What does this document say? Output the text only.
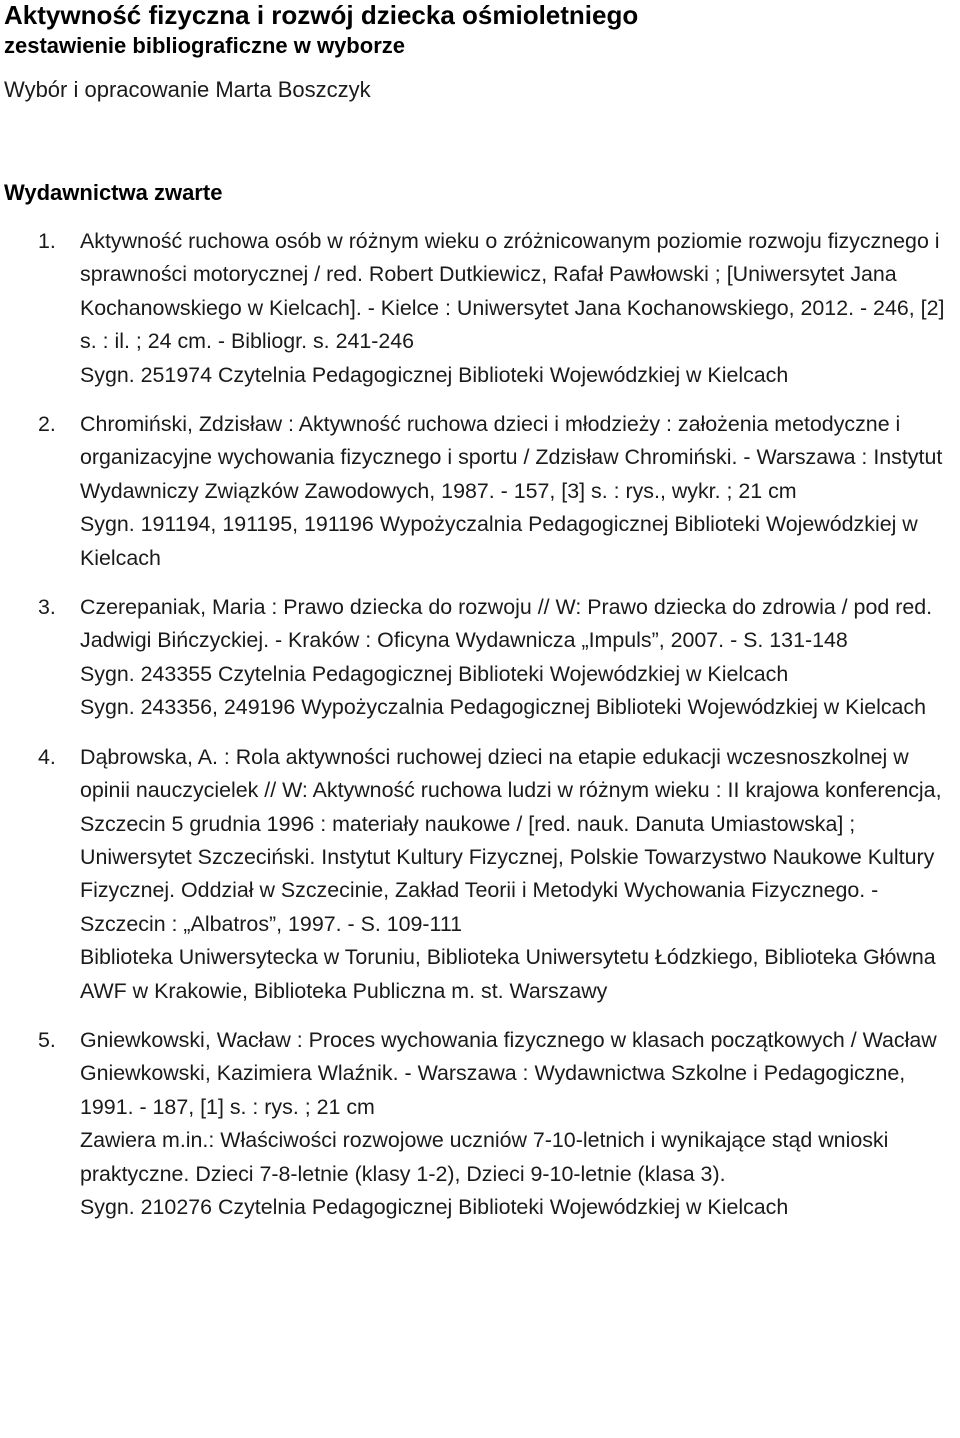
Aktywność fizyczna i rozwój dziecka ośmioletniego
zestawienie bibliograficzne w wyborze
Wybór i opracowanie Marta Boszczyk
Wydawnictwa zwarte
1.	Aktywność ruchowa osób w różnym wieku o zróżnicowanym poziomie rozwoju fizycznego i sprawności motorycznej / red. Robert Dutkiewicz, Rafał Pawłowski ; [Uniwersytet Jana Kochanowskiego w Kielcach]. - Kielce : Uniwersytet Jana Kochanowskiego, 2012. - 246, [2] s. : il. ; 24 cm. - Bibliogr. s. 241-246
Sygn. 251974 Czytelnia Pedagogicznej Biblioteki Wojewódzkiej w Kielcach
2.	Chromiński, Zdzisław : Aktywność ruchowa dzieci i młodzieży : założenia metodyczne i organizacyjne wychowania fizycznego i sportu / Zdzisław Chromiński. - Warszawa : Instytut Wydawniczy Związków Zawodowych, 1987. - 157, [3] s. : rys., wykr. ; 21 cm
Sygn. 191194, 191195, 191196 Wypożyczalnia Pedagogicznej Biblioteki Wojewódzkiej w Kielcach
3.	Czerepaniak, Maria : Prawo dziecka do rozwoju // W: Prawo dziecka do zdrowia / pod red. Jadwigi Bińczyckiej. - Kraków : Oficyna Wydawnicza „Impuls”, 2007. - S. 131-148
Sygn. 243355 Czytelnia Pedagogicznej Biblioteki Wojewódzkiej w Kielcach
Sygn. 243356, 249196 Wypożyczalnia Pedagogicznej Biblioteki Wojewódzkiej w Kielcach
4.	Dąbrowska, A. : Rola aktywności ruchowej dzieci na etapie edukacji wczesnoszkolnej w opinii nauczycielek // W: Aktywność ruchowa ludzi w różnym wieku : II krajowa konferencja, Szczecin 5 grudnia 1996 : materiały naukowe / [red. nauk. Danuta Umiastowska] ; Uniwersytet Szczeciński. Instytut Kultury Fizycznej, Polskie Towarzystwo Naukowe Kultury Fizycznej. Oddział w Szczecinie, Zakład Teorii i Metodyki Wychowania Fizycznego. - Szczecin : „Albatros”, 1997. - S. 109-111
Biblioteka Uniwersytecka w Toruniu, Biblioteka Uniwersytetu Łódzkiego, Biblioteka Główna AWF w Krakowie, Biblioteka Publiczna m. st. Warszawy
5.	Gniewkowski, Wacław : Proces wychowania fizycznego w klasach początkowych / Wacław Gniewkowski, Kazimiera Wlaźnik. - Warszawa : Wydawnictwa Szkolne i Pedagogiczne, 1991. - 187, [1] s. : rys. ; 21 cm
Zawiera m.in.: Właściwości rozwojowe uczniów 7-10-letnich i wynikające stąd wnioski praktyczne. Dzieci 7-8-letnie (klasy 1-2), Dzieci 9-10-letnie (klasa 3).
Sygn. 210276 Czytelnia Pedagogicznej Biblioteki Wojewódzkiej w Kielcach
